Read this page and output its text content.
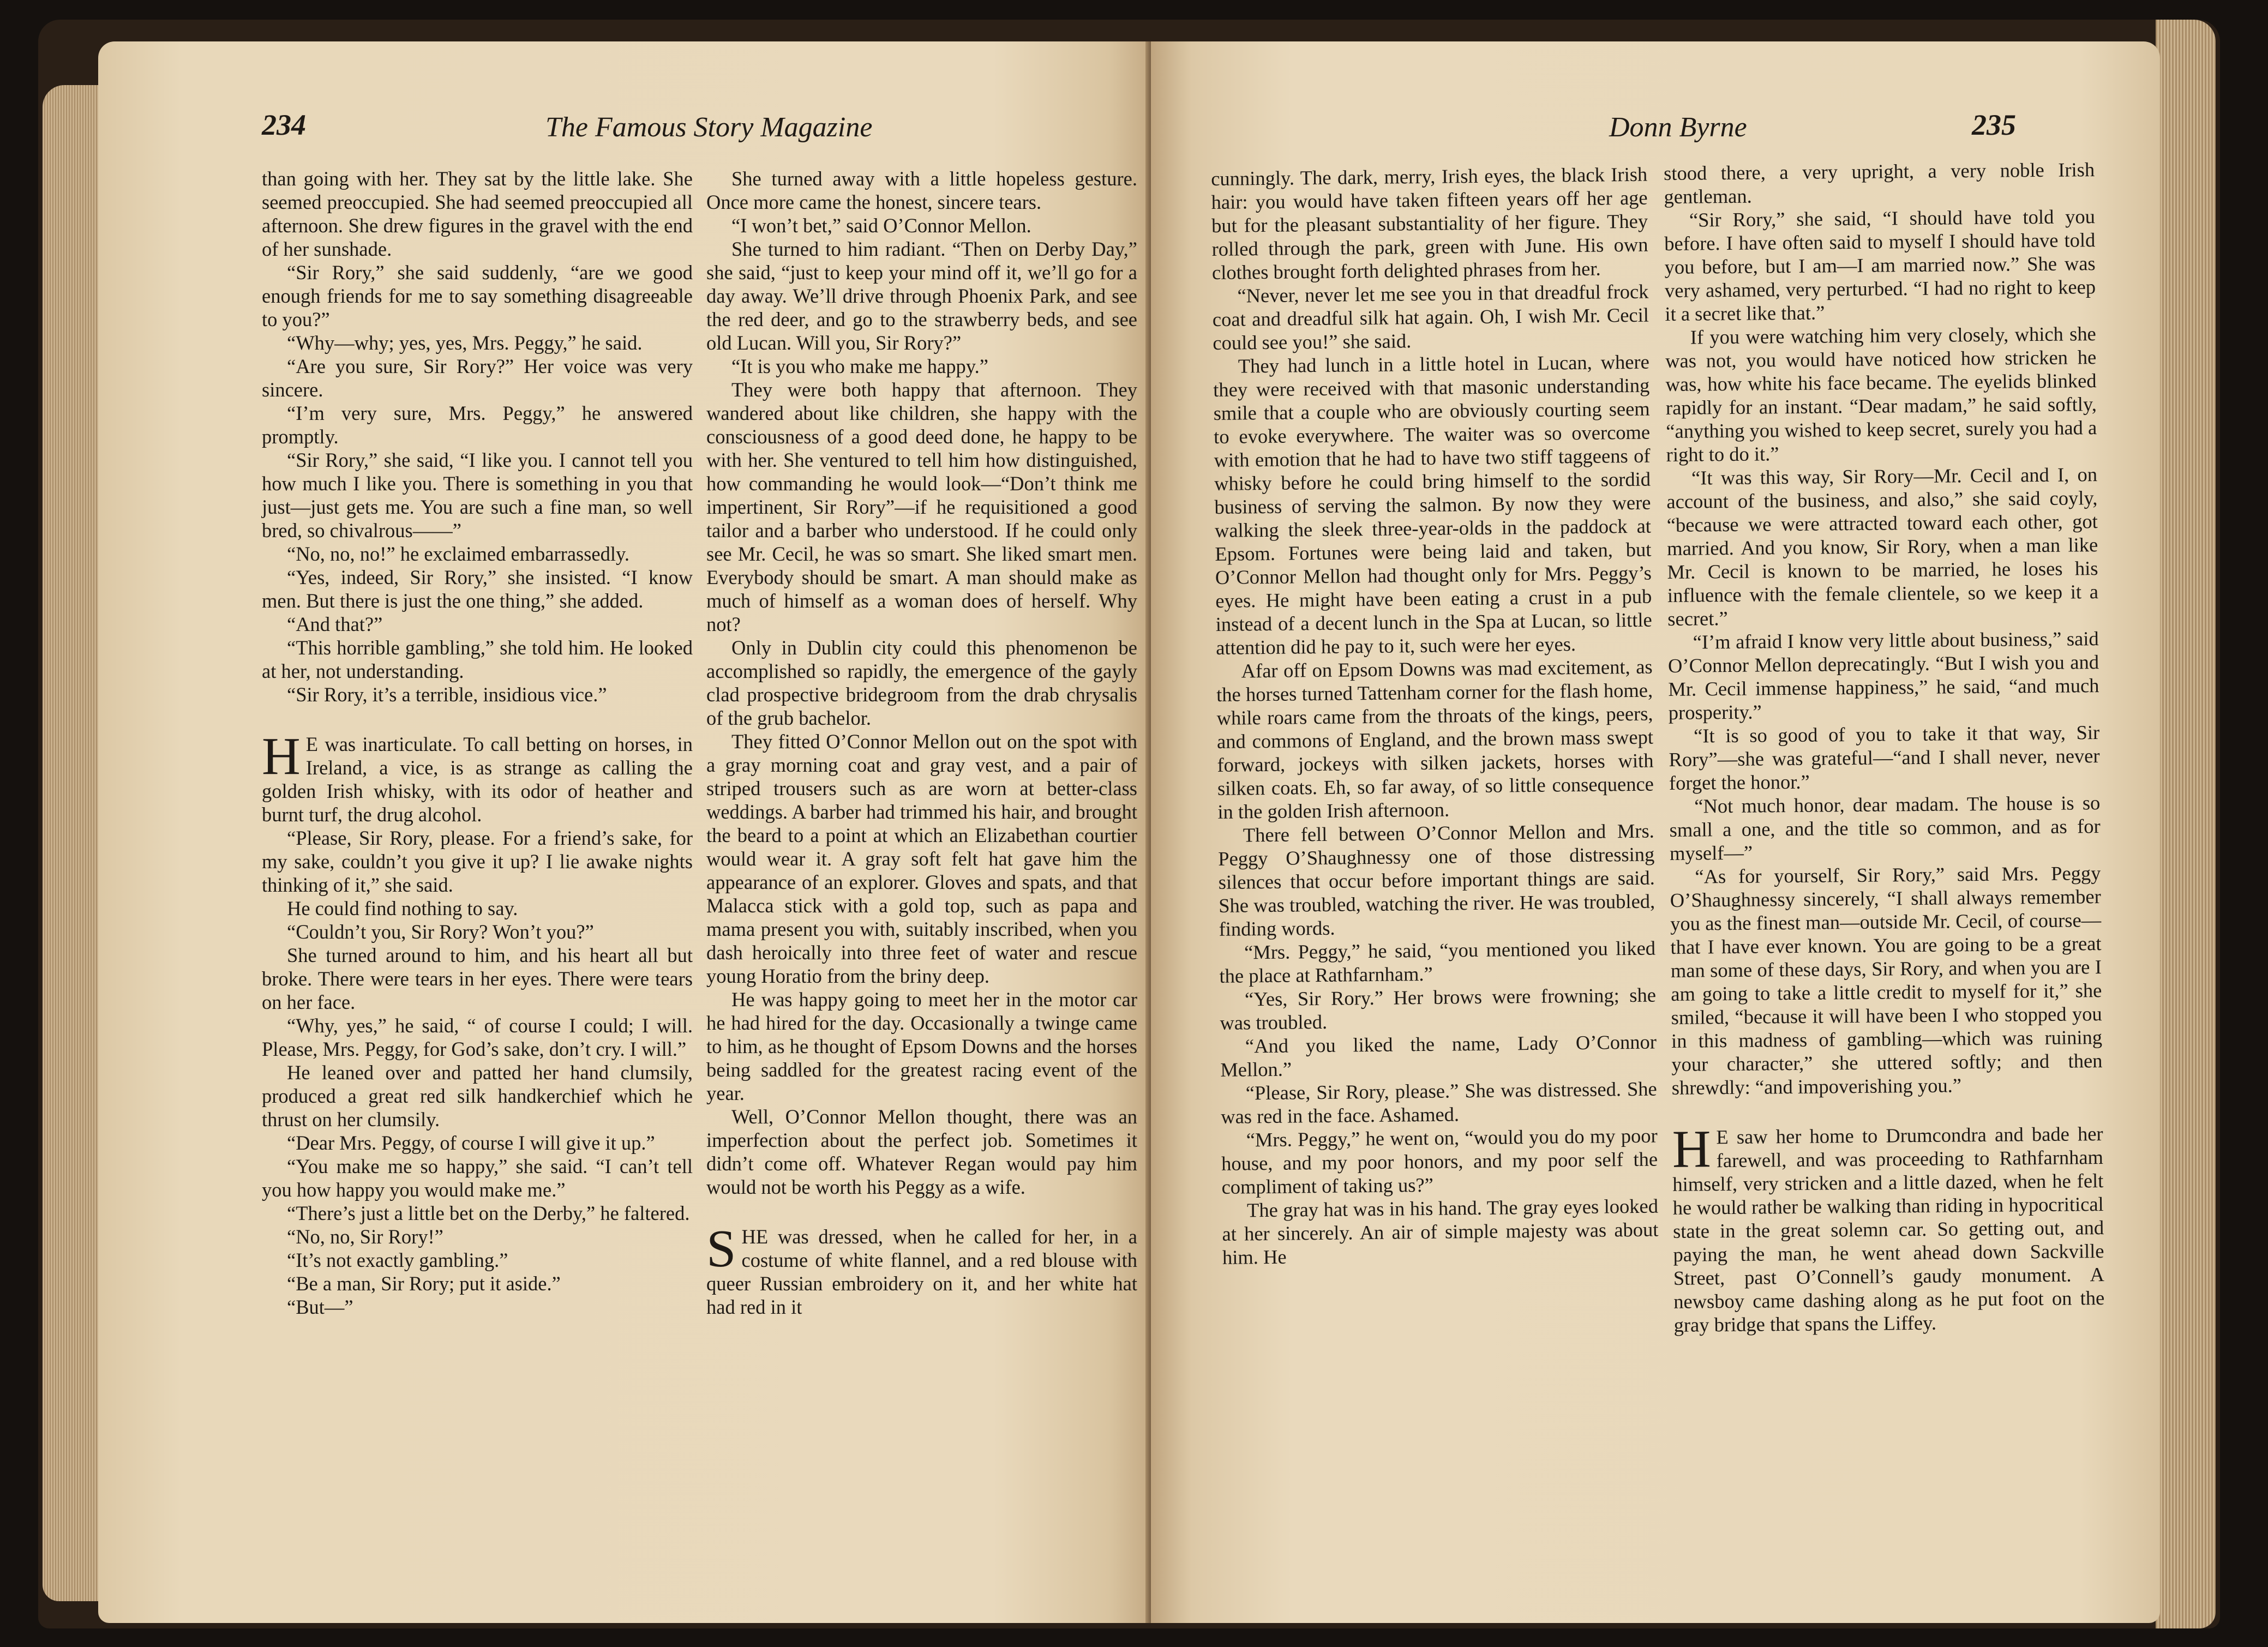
234	The Famous Story Magazine

than going with her. They sat by the little lake. She seemed preoccupied. She had seemed preoccupied all afternoon. She drew figures in the gravel with the end of her sunshade.

“Sir Rory,” she said suddenly, “are we good enough friends for me to say something disagreeable to you?”

“Why—why; yes, yes, Mrs. Peggy,” he said.

“Are you sure, Sir Rory?” Her voice was very sincere.

“I’m very sure, Mrs. Peggy,” he answered promptly.

“Sir Rory,” she said, “I like you. I cannot tell you how much I like you. There is something in you that just—just gets me. You are such a fine man, so well bred, so chivalrous——”

“No, no, no!” he exclaimed embarrassedly.

“Yes, indeed, Sir Rory,” she insisted. “I know men. But there is just the one thing,” she added.

“And that?”

“This horrible gambling,” she told him. He looked at her, not understanding.

“Sir Rory, it’s a terrible, insidious vice.”

H E was inarticulate. To call betting on horses, in Ireland, a vice, is as strange as calling the golden Irish whisky, with its odor of heather and burnt turf, the drug alcohol.

“Please, Sir Rory, please. For a friend’s sake, for my sake, couldn’t you give it up? I lie awake nights thinking of it,” she said.

He could find nothing to say.

“Couldn’t you, Sir Rory? Won’t you?”

She turned around to him, and his heart all but broke. There were tears in her eyes. There were tears on her face.

“Why, yes,” he said, “ of course I could; I will. Please, Mrs. Peggy, for God’s sake, don’t cry. I will.”

He leaned over and patted her hand clumsily, produced a great red silk handkerchief which he thrust on her clumsily.

“Dear Mrs. Peggy, of course I will give it up.”

“You make me so happy,” she said. “I can’t tell you how happy you would make me.”

“There’s just a little bet on the Derby,” he faltered.

“No, no, Sir Rory!”

“It’s not exactly gambling.”

“Be a man, Sir Rory; put it aside.”

“But—”

She turned away with a little hopeless gesture. Once more came the honest, sincere tears.

“I won’t bet,” said O’Connor Mellon.

She turned to him radiant. “Then on Derby Day,” she said, “just to keep your mind off it, we’ll go for a day away. We’ll drive through Phoenix Park, and see the red deer, and go to the strawberry beds, and see old Lucan. Will you, Sir Rory?”

“It is you who make me happy.”

They were both happy that afternoon. They wandered about like children, she happy with the consciousness of a good deed done, he happy to be with her. She ventured to tell him how distinguished, how commanding he would look—“Don’t think me impertinent, Sir Rory”—if he requisitioned a good tailor and a barber who understood. If he could only see Mr. Cecil, he was so smart. She liked smart men. Everybody should be smart. A man should make as much of himself as a woman does of herself. Why not?

Only in Dublin city could this phenomenon be accomplished so rapidly, the emergence of the gayly clad prospective bridegroom from the drab chrysalis of the grub bachelor.

They fitted O’Connor Mellon out on the spot with a gray morning coat and gray vest, and a pair of striped trousers such as are worn at better-class weddings. A barber had trimmed his hair, and brought the beard to a point at which an Elizabethan courtier would wear it. A gray soft felt hat gave him the appearance of an explorer. Gloves and spats, and that Malacca stick with a gold top, such as papa and mama present you with, suitably inscribed, when you dash heroically into three feet of water and rescue young Horatio from the briny deep.

He was happy going to meet her in the motor car he had hired for the day. Occasionally a twinge came to him, as he thought of Epsom Downs and the horses being saddled for the greatest racing event of the year.

Well, O’Connor Mellon thought, there was an imperfection about the perfect job. Sometimes it didn’t come off. Whatever Regan would pay him would not be worth his Peggy as a wife.

SHE was dressed, when he called for her, in a costume of white flannel, and a red blouse with queer Russian embroidery on it, and her white hat had red in it

Donn Byrne	235

cunningly. The dark, merry, Irish eyes, the black Irish hair: you would have taken fifteen years off her age but for the pleasant substantiality of her figure. They rolled through the park, green with June. His own clothes brought forth delighted phrases from her.

“Never, never let me see you in that dreadful frock coat and dreadful silk hat again. Oh, I wish Mr. Cecil could see you!” she said.

They had lunch in a little hotel in Lucan, where they were received with that masonic understanding smile that a couple who are obviously courting seem to evoke everywhere. The waiter was so overcome with emotion that he had to have two stiff taggeens of whisky before he could bring himself to the sordid business of serving the salmon. By now they were walking the sleek three-year-olds in the paddock at Epsom. Fortunes were being laid and taken, but O’Connor Mellon had thought only for Mrs. Peggy’s eyes. He might have been eating a crust in a pub instead of a decent lunch in the Spa at Lucan, so little attention did he pay to it, such were her eyes.

Afar off on Epsom Downs was mad excitement, as the horses turned Tattenham corner for the flash home, while roars came from the throats of the kings, peers, and commons of England, and the brown mass swept forward, jockeys with silken jackets, horses with silken coats. Eh, so far away, of so little consequence in the golden Irish afternoon.

There fell between O’Connor Mellon and Mrs. Peggy O’Shaughnessy one of those distressing silences that occur before important things are said. She was troubled, watching the river. He was troubled, finding words.

“Mrs. Peggy,” he said, “you mentioned you liked the place at Rathfarnham.”

“Yes, Sir Rory.” Her brows were frowning; she was troubled.

“And you liked the name, Lady O’Connor Mellon.”

“Please, Sir Rory, please.” She was distressed. She was red in the face. Ashamed.

“Mrs. Peggy,” he went on, “would you do my poor house, and my poor honors, and my poor self the compliment of taking us?”

The gray hat was in his hand. The gray eyes looked at her sincerely. An air of simple majesty was about him. He

stood there, a very upright, a very noble Irish gentleman.

“Sir Rory,” she said, “I should have told you before. I have often said to myself I should have told you before, but I am—I am married now.” She was very ashamed, very perturbed. “I had no right to keep it a secret like that.”

If you were watching him very closely, which she was not, you would have noticed how stricken he was, how white his face became. The eyelids blinked rapidly for an instant. “Dear madam,” he said softly, “anything you wished to keep secret, surely you had a right to do it.”

“It was this way, Sir Rory—Mr. Cecil and I, on account of the business, and also,” she said coyly, “because we were attracted toward each other, got married. And you know, Sir Rory, when a man like Mr. Cecil is known to be married, he loses his influence with the female clientele, so we keep it a secret.”

“I’m afraid I know very little about business,” said O’Connor Mellon deprecatingly. “But I wish you and Mr. Cecil immense happiness,” he said, “and much prosperity.”

“It is so good of you to take it that way, Sir Rory”—she was grateful—“and I shall never, never forget the honor.”

“Not much honor, dear madam. The house is so small a one, and the title so common, and as for myself—”

“As for yourself, Sir Rory,” said Mrs. Peggy O’Shaughnessy sincerely, “I shall always remember you as the finest man—outside Mr. Cecil, of course—that I have ever known. You are going to be a great man some of these days, Sir Rory, and when you are I am going to take a little credit to myself for it,” she smiled, “because it will have been I who stopped you in this madness of gambling—which was ruining your character,” she uttered softly; and then shrewdly: “and impoverishing you.”

H E saw her home to Drumcondra and bade her farewell, and was proceeding to Rathfarnham himself, very stricken and a little dazed, when he felt he would rather be walking than riding in hypocritical state in the great solemn car. So getting out, and paying the man, he went ahead down Sackville Street, past O’Connell’s gaudy monument. A newsboy came dashing along as he put foot on the gray bridge that spans the Liffey.
